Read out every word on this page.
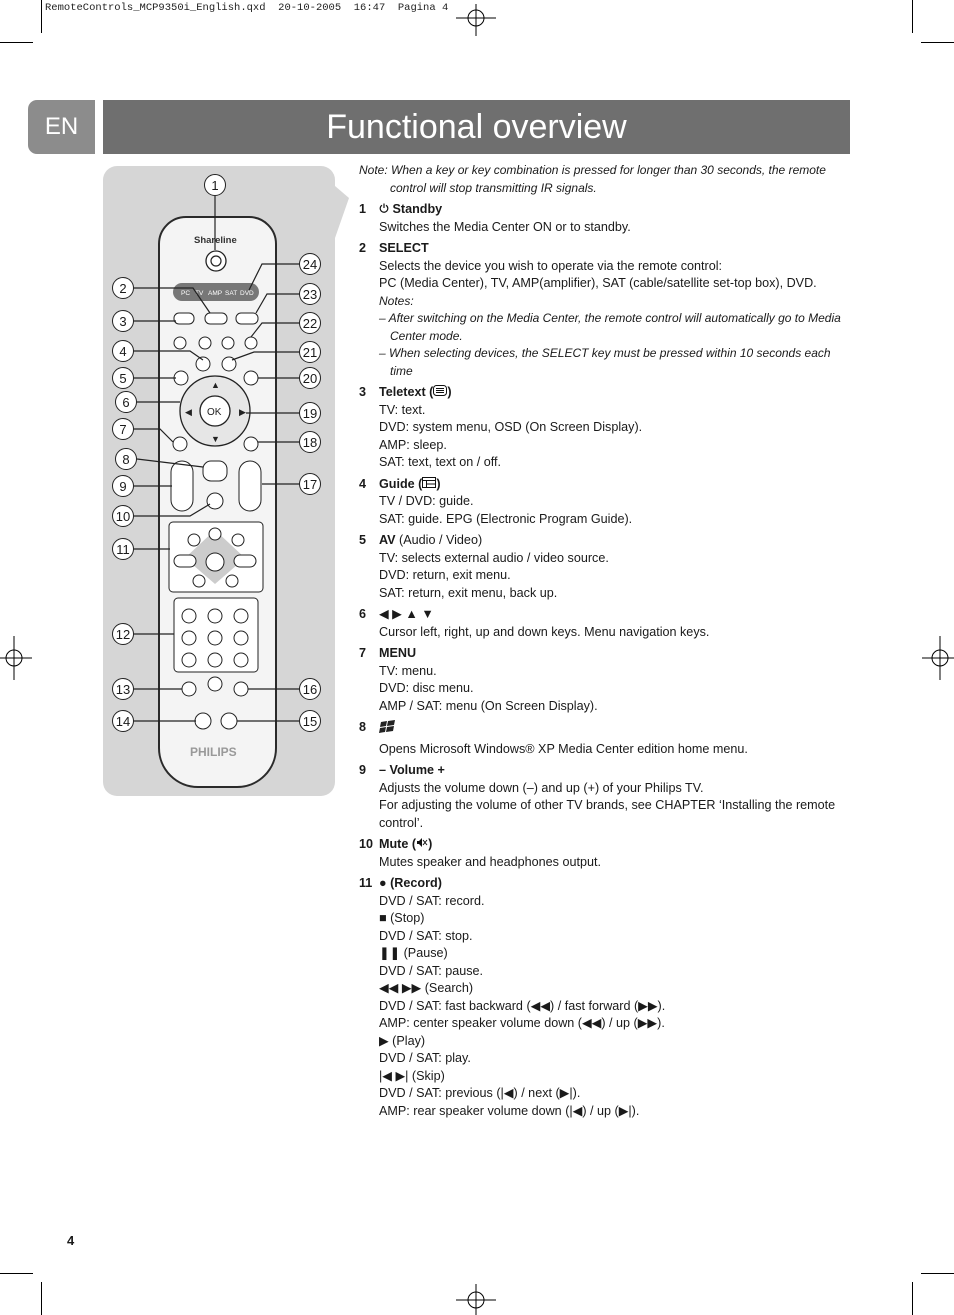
RemoteControls_MCP9350i_English.qxd  20-10-2005  16:47  Pagina 4
EN	Functional overview
Shareline
PC TV AMP SAT DVD
OK
▲
▼
◀	▶
PHILIPS
1
2
3
4
5
6
7
8
9
10
11
12
13
14
24
23
22
21
20
19
18
17
16
15
Note: When a key or key combination is pressed for longer than 30 seconds, the remote
control will stop transmitting IR signals.
1 Standby
Switches the Media Center ON or to standby.
2 SELECT
Selects the device you wish to operate via the remote control:
PC (Media Center), TV, AMP(amplifier), SAT (cable/satellite set-top box), DVD.
Notes:
– After switching on the Media Center, the remote control will automatically go to Media Center mode.
– When selecting devices, the SELECT key must be pressed within 10 seconds each time
3 Teletext ( )
TV: text.
DVD: system menu, OSD (On Screen Display).
AMP: sleep.
SAT: text, text on / off.
4 Guide ( )
TV / DVD: guide.
SAT: guide. EPG (Electronic Program Guide).
5 AV (Audio / Video)
TV: selects external audio / video source.
DVD: return, exit menu.
SAT: return, exit menu, back up.
6 ◀ ▶ ▲ ▼
Cursor left, right, up and down keys. Menu navigation keys.
7 MENU
TV: menu.
DVD: disc menu.
AMP / SAT: menu (On Screen Display).
8
Opens Microsoft Windows® XP Media Center edition home menu.
9 – Volume +
Adjusts the volume down (–) and up (+) of your Philips TV.
For adjusting the volume of other TV brands, see CHAPTER ‘Installing the remote control’.
10 Mute ( )
Mutes speaker and headphones output.
11 ● (Record)
DVD / SAT: record.
■ (Stop)
DVD / SAT: stop.
❚❚ (Pause)
DVD / SAT: pause.
◀◀ ▶▶ (Search)
DVD / SAT: fast backward (◀◀) / fast forward (▶▶).
AMP: center speaker volume down (◀◀) / up (▶▶).
▶ (Play)
DVD / SAT: play.
|◀ ▶| (Skip)
DVD / SAT: previous (|◀) / next (▶|).
AMP: rear speaker volume down (|◀) / up (▶|).
4
